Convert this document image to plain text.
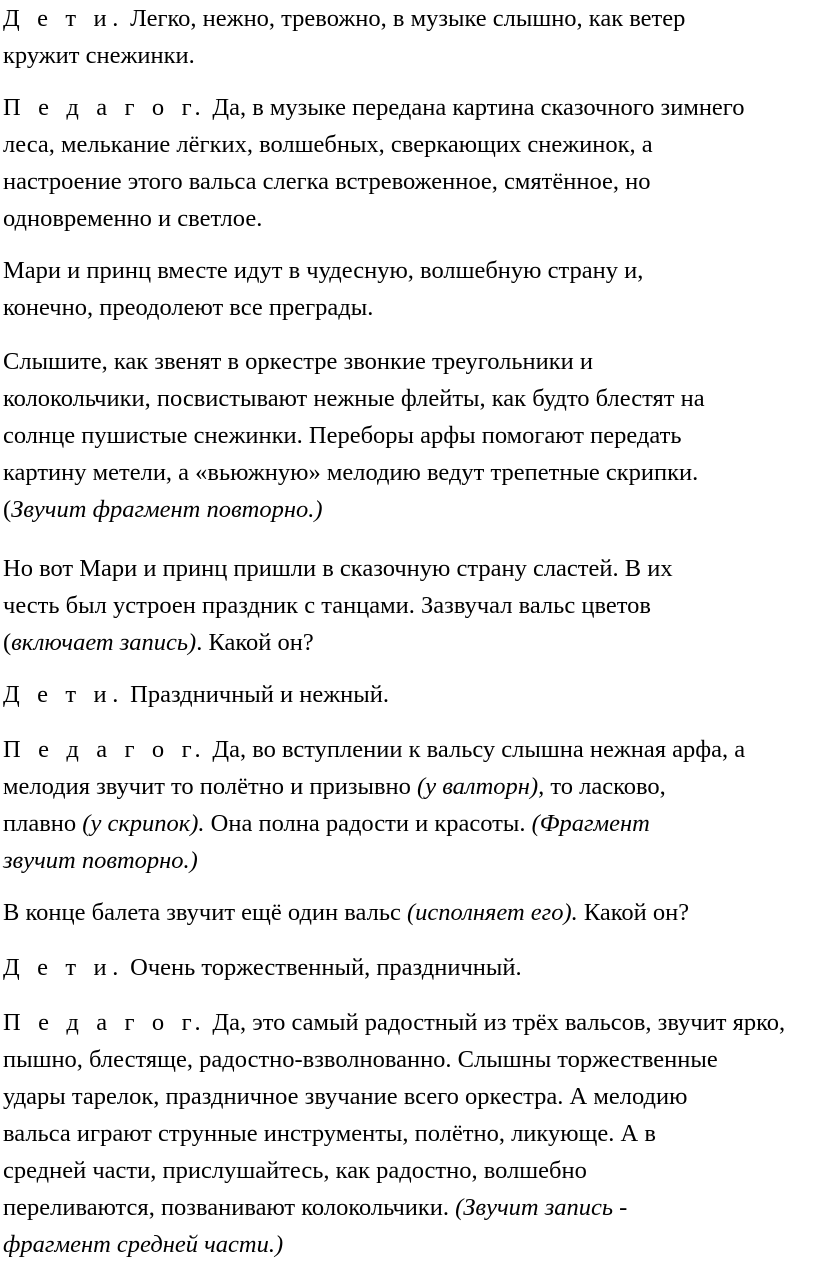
Д е т и. Легко, нежно, тревожно, в музыке слышно, как ветер
кружит снежинки.

П е д а г о г. Да, в музыке передана картина сказочного зимнего
леса, мелькание лёгких, волшебных, сверкающих снежинок, а
настроение этого вальса слегка встревоженное, смятённое, но
одновременно и светлое.

Мари и принц вместе идут в чудесную, волшебную страну и,
конечно, преодолеют все преграды.

Слышите, как звенят в оркестре звонкие треугольники и
колокольчики, посвистывают нежные флейты, как будто блестят на
солнце пушистые снежинки. Переборы арфы помогают передать
картину метели, а «вьюжную» мелодию ведут трепетные скрипки.
(Звучит фрагмент повторно.)

Но вот Мари и принц пришли в сказочную страну сластей. В их
честь был устроен праздник с танцами. Зазвучал вальс цветов
(включает запись). Какой он?

Д е т и. Праздничный и нежный.

П е д а г о г. Да, во вступлении к вальсу слышна нежная арфа, а
мелодия звучит то полётно и призывно (у валторн), то ласково,
плавно (у скрипок). Она полна радости и красоты. (Фрагмент
звучит повторно.)

В конце балета звучит ещё один вальс (исполняет его). Какой он?

Д е т и. Очень торжественный, праздничный.

П е д а г о г. Да, это самый радостный из трёх вальсов, звучит ярко,
пышно, блестяще, радостно-взволнованно. Слышны торжественные
удары тарелок, праздничное звучание всего оркестра. А мелодию
вальса играют струнные инструменты, полётно, ликующе. А в
средней части, прислушайтесь, как радостно, волшебно
переливаются, позванивают колокольчики. (Звучит запись -
фрагмент средней части.)
